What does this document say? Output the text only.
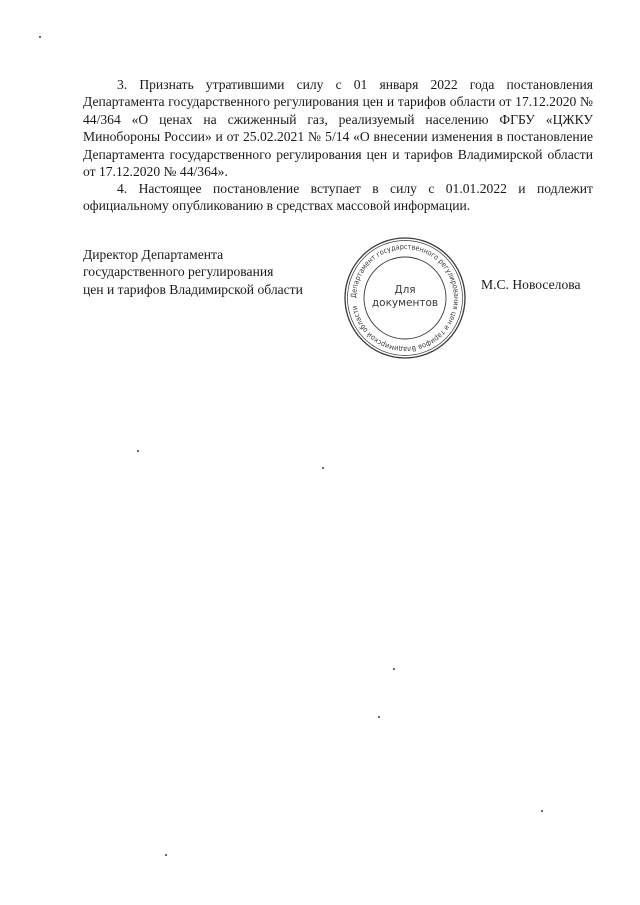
3. Признать утратившими силу с 01 января 2022 года постановления Департамента государственного регулирования цен и тарифов области от 17.12.2020 № 44/364 «О ценах на сжиженный газ, реализуемый населению ФГБУ «ЦЖКУ Минобороны России» и от 25.02.2021 № 5/14 «О внесении изменения в постановление Департамента государственного регулирования цен и тарифов Владимирской области от 17.12.2020 № 44/364».

4. Настоящее постановление вступает в силу с 01.01.2022 и подлежит официальному опубликованию в средствах массовой информации.

Директор Департамента
государственного регулирования
цен и тарифов Владимирской области	Департамент государственного регулирования цен и тарифов Владимирской области
Для
документов
М.С. Новоселова
